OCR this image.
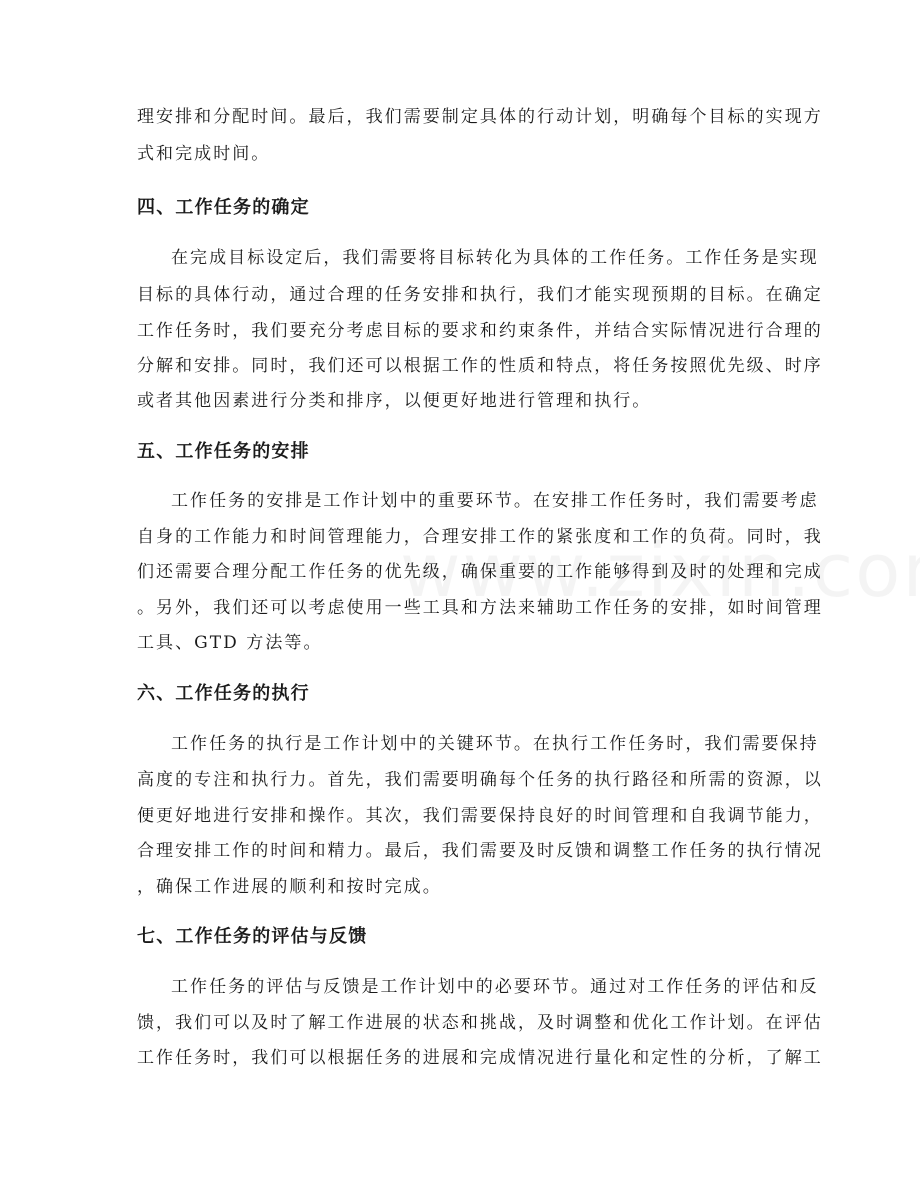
理安排和分配时间。最后，我们需要制定具体的行动计划，明确每个目标的实现方
式和完成时间。
四、工作任务的确定
在完成目标设定后，我们需要将目标转化为具体的工作任务。工作任务是实现
目标的具体行动，通过合理的任务安排和执行，我们才能实现预期的目标。在确定
工作任务时，我们要充分考虑目标的要求和约束条件，并结合实际情况进行合理的
分解和安排。同时，我们还可以根据工作的性质和特点，将任务按照优先级、时序
或者其他因素进行分类和排序，以便更好地进行管理和执行。
五、工作任务的安排
工作任务的安排是工作计划中的重要环节。在安排工作任务时，我们需要考虑
自身的工作能力和时间管理能力，合理安排工作的紧张度和工作的负荷。同时，我
们还需要合理分配工作任务的优先级，确保重要的工作能够得到及时的处理和完成
。另外，我们还可以考虑使用一些工具和方法来辅助工作任务的安排，如时间管理
工具、GTD 方法等。
六、工作任务的执行
工作任务的执行是工作计划中的关键环节。在执行工作任务时，我们需要保持
高度的专注和执行力。首先，我们需要明确每个任务的执行路径和所需的资源，以
便更好地进行安排和操作。其次，我们需要保持良好的时间管理和自我调节能力，
合理安排工作的时间和精力。最后，我们需要及时反馈和调整工作任务的执行情况
，确保工作进展的顺利和按时完成。
七、工作任务的评估与反馈
工作任务的评估与反馈是工作计划中的必要环节。通过对工作任务的评估和反
馈，我们可以及时了解工作进展的状态和挑战，及时调整和优化工作计划。在评估
工作任务时，我们可以根据任务的进展和完成情况进行量化和定性的分析，了解工
